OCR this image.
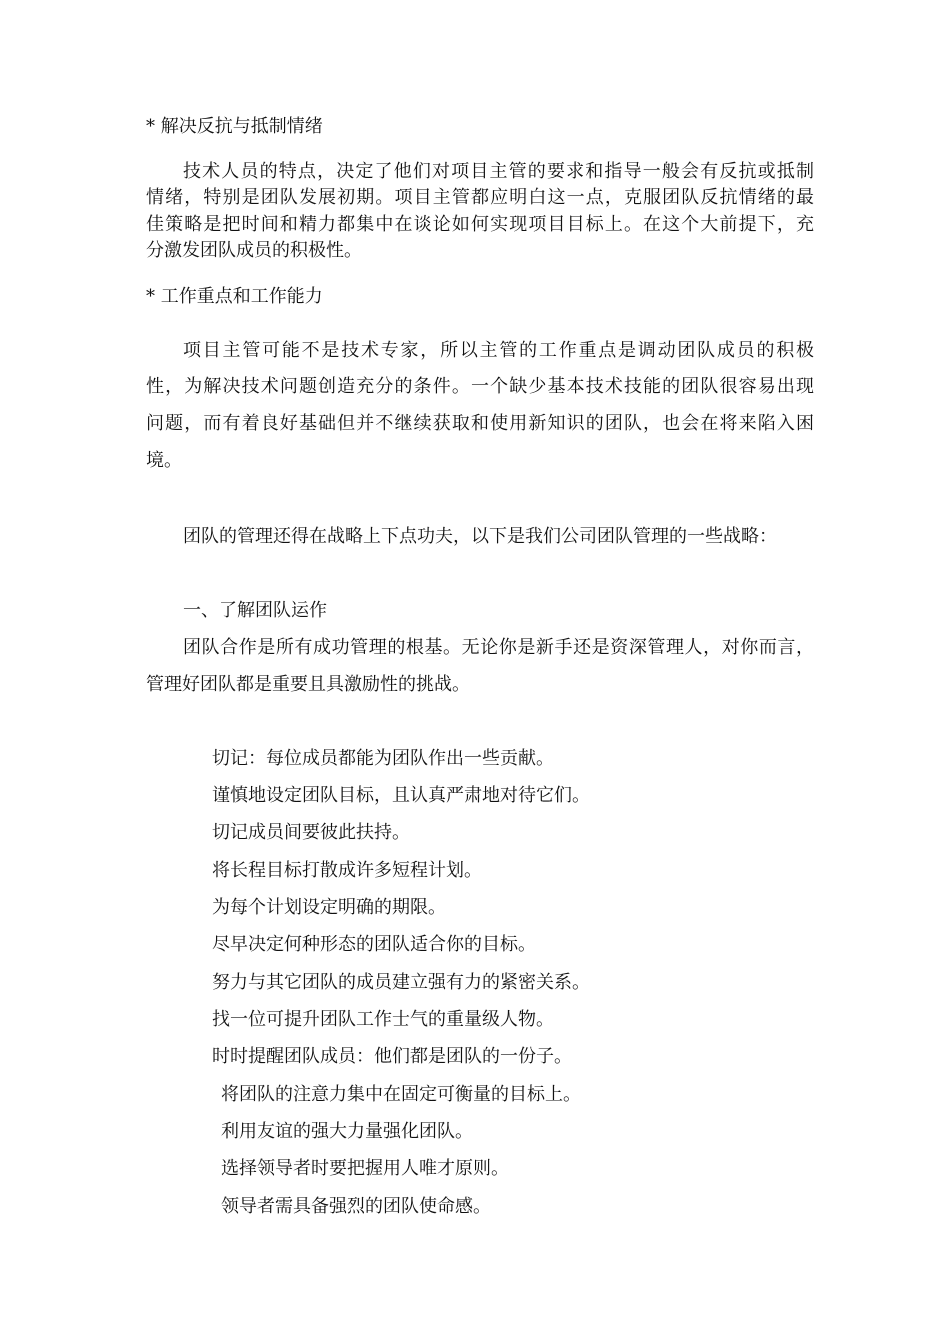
* 解决反抗与抵制情绪
技术人员的特点，决定了他们对项目主管的要求和指导一般会有反抗或抵制
情绪，特别是团队发展初期。项目主管都应明白这一点，克服团队反抗情绪的最
佳策略是把时间和精力都集中在谈论如何实现项目目标上。在这个大前提下，充
分激发团队成员的积极性。
* 工作重点和工作能力
项目主管可能不是技术专家，所以主管的工作重点是调动团队成员的积极
性，为解决技术问题创造充分的条件。一个缺少基本技术技能的团队很容易出现
问题，而有着良好基础但并不继续获取和使用新知识的团队，也会在将来陷入困
境。
团队的管理还得在战略上下点功夫，以下是我们公司团队管理的一些战略：
一、了解团队运作
团队合作是所有成功管理的根基。无论你是新手还是资深管理人，对你而言，
管理好团队都是重要且具激励性的挑战。
切记：每位成员都能为团队作出一些贡献。
谨慎地设定团队目标，且认真严肃地对待它们。
切记成员间要彼此扶持。
将长程目标打散成许多短程计划。
为每个计划设定明确的期限。
尽早决定何种形态的团队适合你的目标。
努力与其它团队的成员建立强有力的紧密关系。
找一位可提升团队工作士气的重量级人物。
时时提醒团队成员：他们都是团队的一份子。
将团队的注意力集中在固定可衡量的目标上。
利用友谊的强大力量强化团队。
选择领导者时要把握用人唯才原则。
领导者需具备强烈的团队使命感。
